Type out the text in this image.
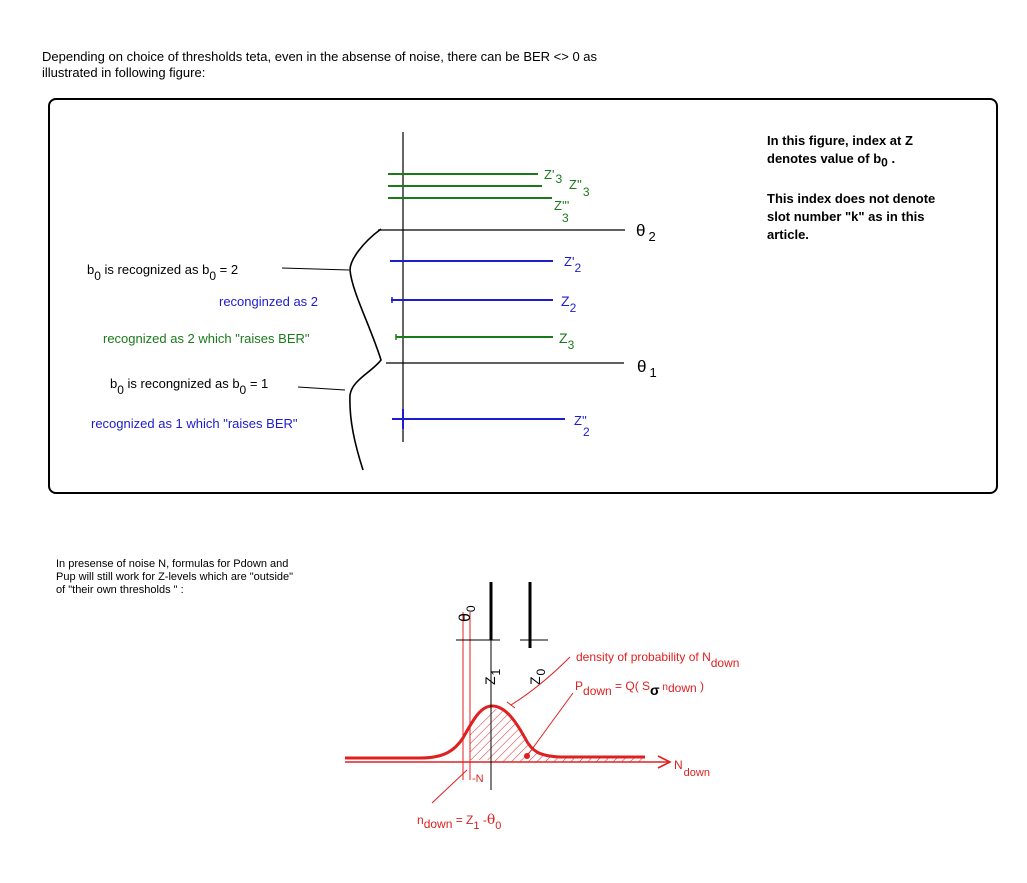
Depending on choice of thresholds teta, even in the absense of noise, there can be BER <> 0 as
illustrated in following figure:

In this figure, index at Z

denotes value of $b_0$ .

This index does not denote

slot number "k" as in this

article.

In presense of noise N, formulas for Pdown and
Pup will still work for Z-levels which are "outside"
of "their own thresholds " :
θ $_2$
θ $_1$
Z'3 Z''3
Z''' 3
Z'2
Z2
Z3
Z'' 2
b0 is recognized as b0 = 2
reconginzed as 2
recognized as 2 which "raises BER"
b0 is recongnized as b0 = 1
recognized as 1 which "raises BER"
Ndown
$\theta_0$
Z1
Z0
-N
density of probability of Ndown
Pdown = Q( Sσ $^n$down )
ndown = Z1 -θ0
